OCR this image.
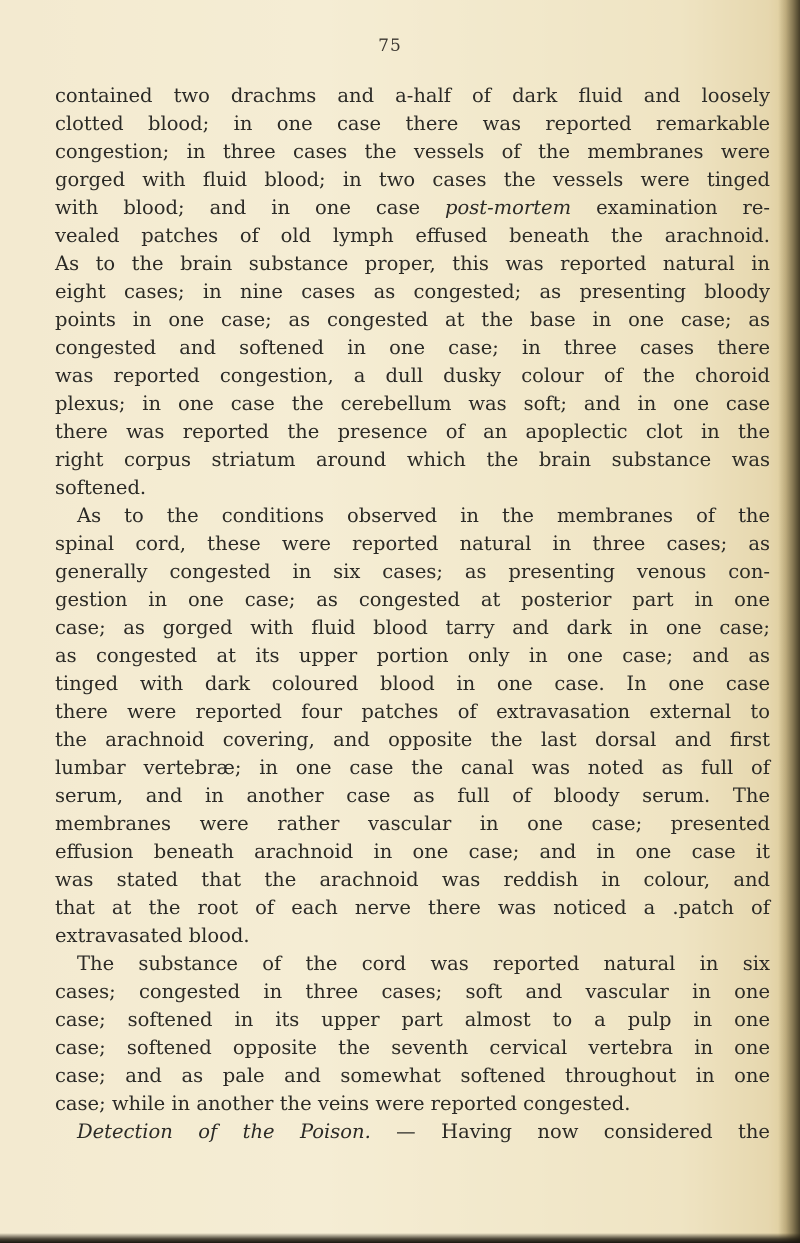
75
contained two drachms and a-half of dark fluid and loosely
clotted blood; in one case there was reported remarkable
congestion; in three cases the vessels of the membranes were
gorged with fluid blood; in two cases the vessels were tinged
with blood; and in one case post-mortem examination re-
vealed patches of old lymph effused beneath the arachnoid.
As to the brain substance proper, this was reported natural in
eight cases; in nine cases as congested; as presenting bloody
points in one case; as congested at the base in one case; as
congested and softened in one case; in three cases there
was reported congestion, a dull dusky colour of the choroid
plexus; in one case the cerebellum was soft; and in one case
there was reported the presence of an apoplectic clot in the
right corpus striatum around which the brain substance was
softened.
As to the conditions observed in the membranes of the
spinal cord, these were reported natural in three cases; as
generally congested in six cases; as presenting venous con-
gestion in one case; as congested at posterior part in one
case; as gorged with fluid blood tarry and dark in one case;
as congested at its upper portion only in one case; and as
tinged with dark coloured blood in one case. In one case
there were reported four patches of extravasation external to
the arachnoid covering, and opposite the last dorsal and first
lumbar vertebræ; in one case the canal was noted as full of
serum, and in another case as full of bloody serum. The
membranes were rather vascular in one case; presented
effusion beneath arachnoid in one case; and in one case it
was stated that the arachnoid was reddish in colour, and
that at the root of each nerve there was noticed a .patch of
extravasated blood.
The substance of the cord was reported natural in six
cases; congested in three cases; soft and vascular in one
case; softened in its upper part almost to a pulp in one
case; softened opposite the seventh cervical vertebra in one
case; and as pale and somewhat softened throughout in one
case; while in another the veins were reported congested.
Detection of the Poison. — Having now considered the
